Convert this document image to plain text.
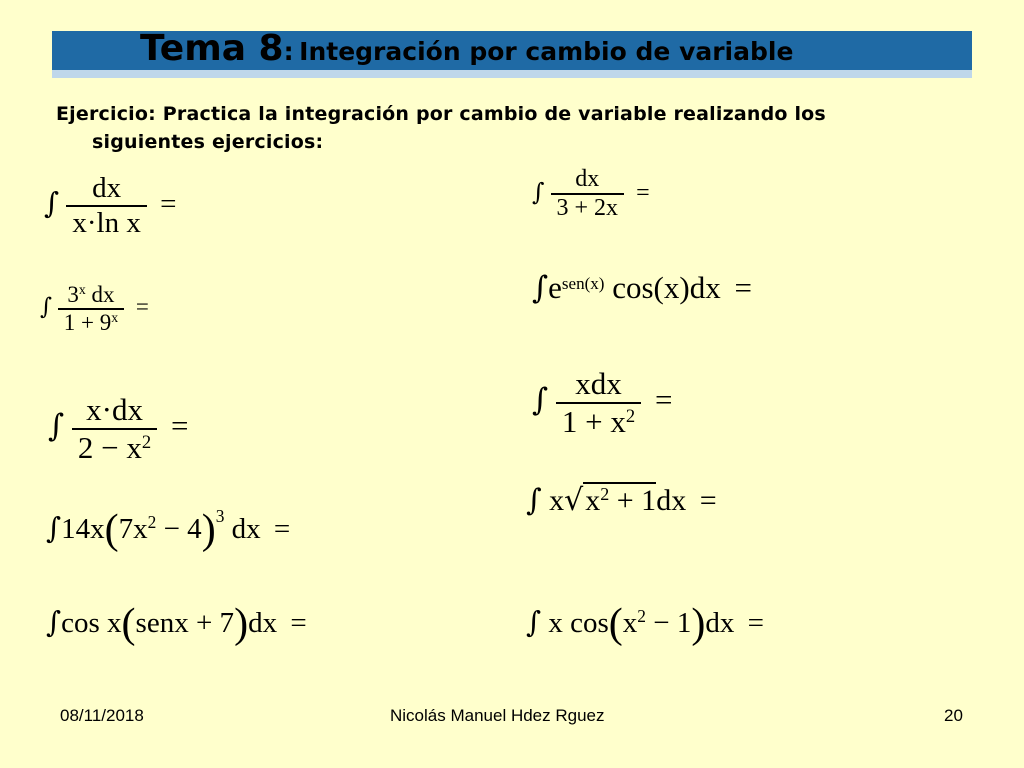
Tema 8: Integración por cambio de variable
Ejercicio: Practica la integración por cambio de variable realizando los
siguientes ejercicios:
∫ $\frac{dx}{\text{x·ln x}}$ =	∫ $\frac{dx}{3 + 2x}$ =
∫ $\frac{3^x dx}{1 + 9^x}$ =
$\int e^{sen(x)}$ cos(x)dx =
∫ $\frac{x\cdot dx}{2 - x^2}$ =
∫ $\frac{\text{xdx}}{1 + x^2}$ =
$\int 14x(7x^2 - 4)^3$ dx =
∫ $x√x^2 + 1dx$ =
∫cos x(senx + 7)dx =	∫ x $\cos(x^2 - 1)dx$ =
08/11/2018	Nicolás Manuel Hdez Rguez	20
